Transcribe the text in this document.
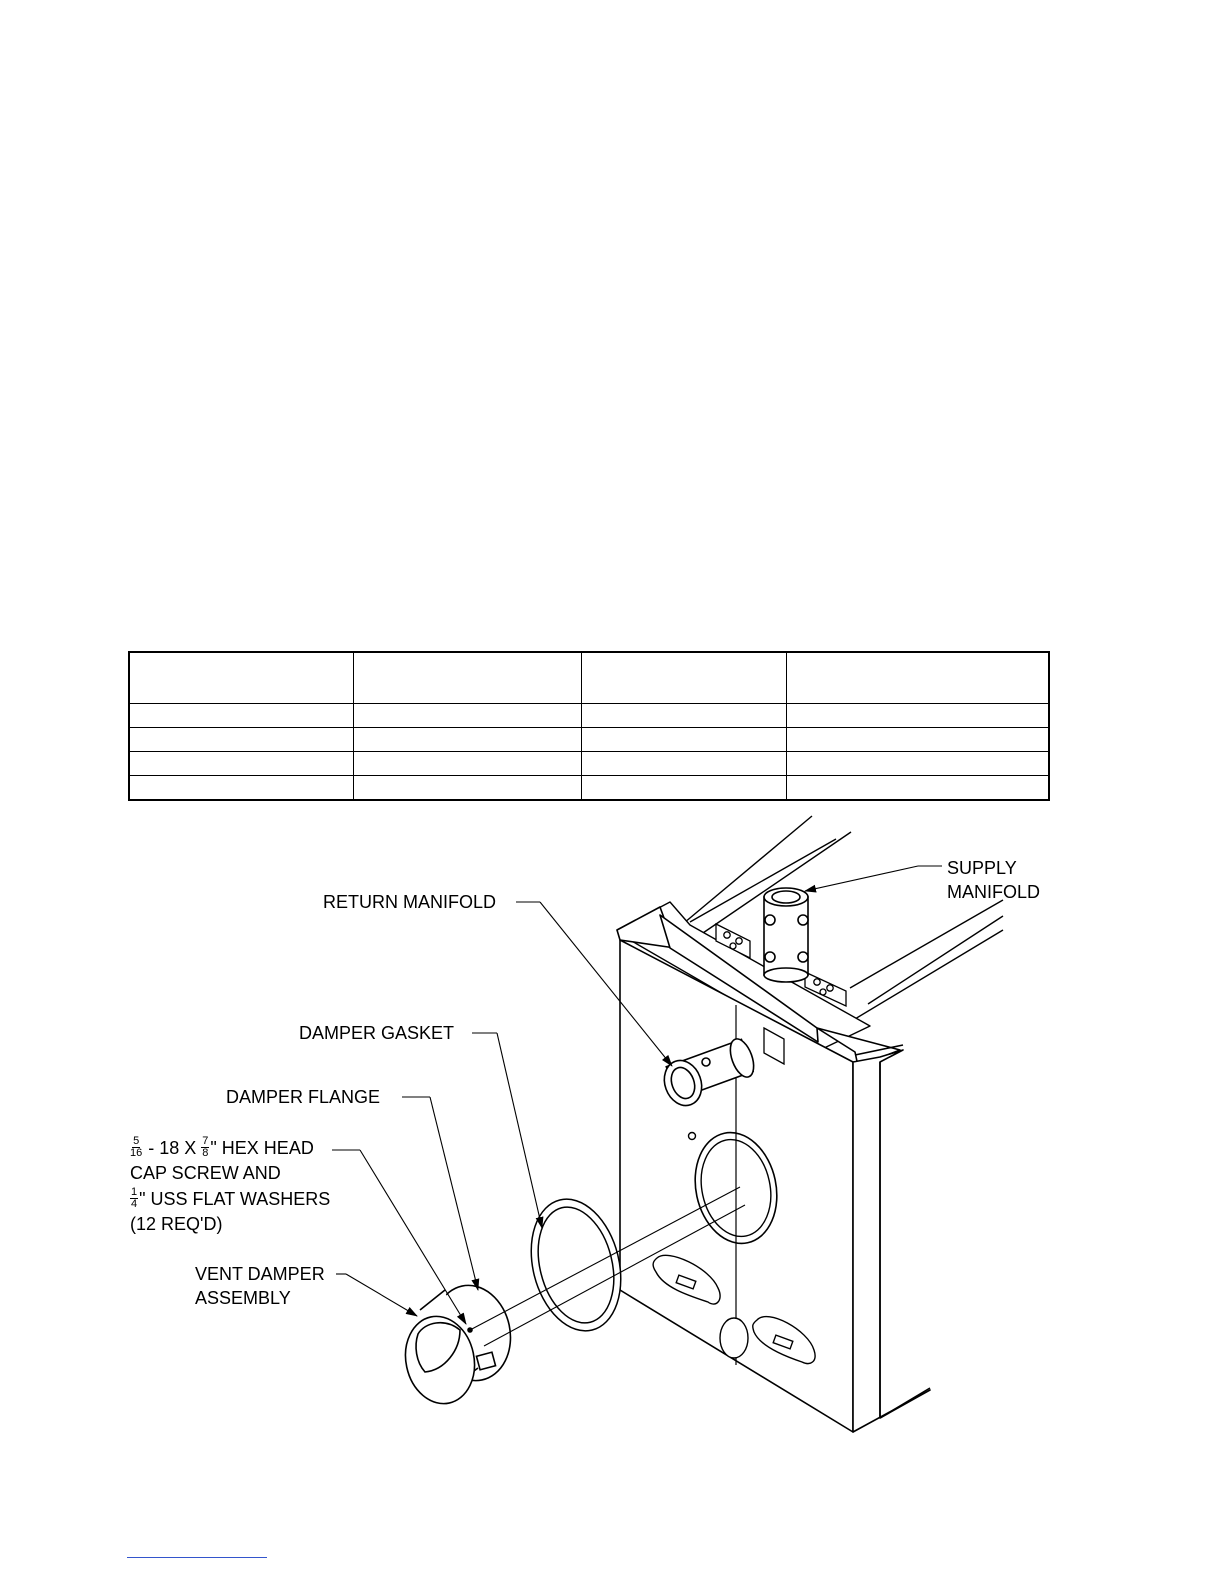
SUPPLY
MANIFOLD
RETURN MANIFOLD
DAMPER GASKET
DAMPER FLANGE
$\frac{5}{16} - 18$ X $\frac{7}{8}$ " HEX HEAD
CAP SCREW AND
$\frac{1}{4}$ " USS FLAT WASHERS
(12 REQ'D)
VENT DAMPER
ASSEMBLY
